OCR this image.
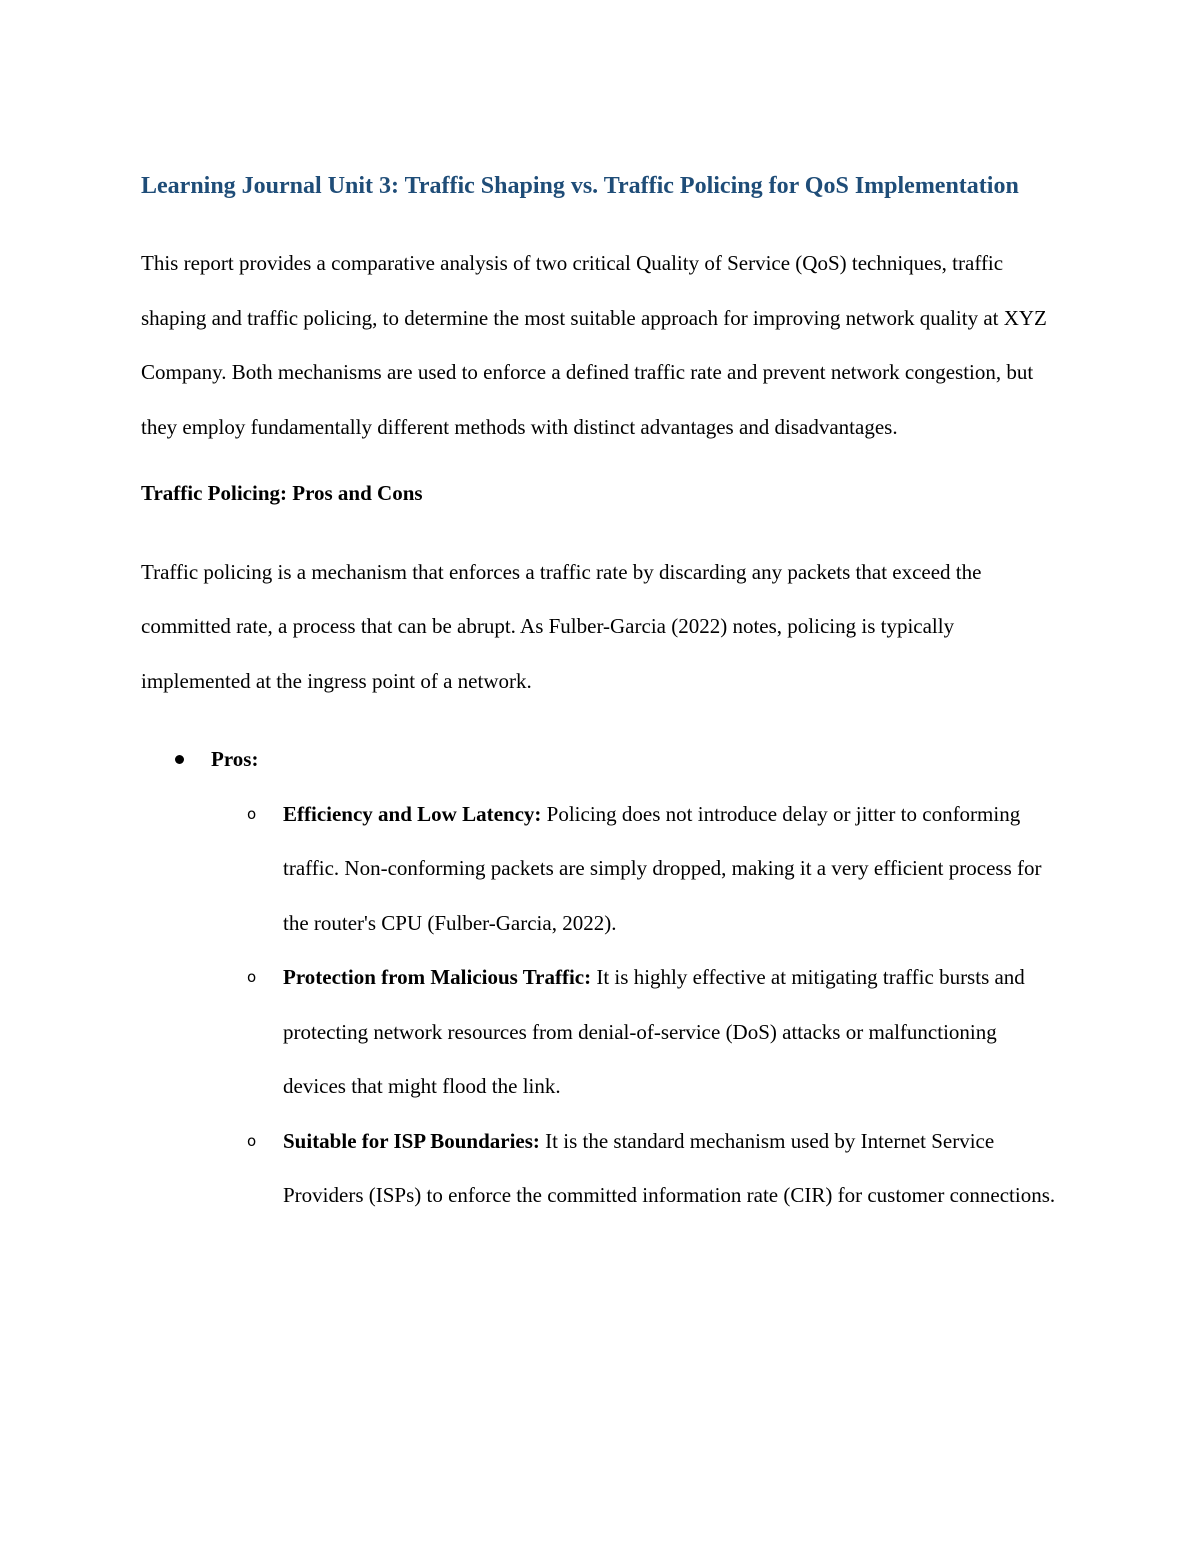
Learning Journal Unit 3: Traffic Shaping vs. Traffic Policing for QoS Implementation

This report provides a comparative analysis of two critical Quality of Service (QoS) techniques, traffic shaping and traffic policing, to determine the most suitable approach for improving network quality at XYZ Company. Both mechanisms are used to enforce a defined traffic rate and prevent network congestion, but they employ fundamentally different methods with distinct advantages and disadvantages.

Traffic Policing: Pros and Cons

Traffic policing is a mechanism that enforces a traffic rate by discarding any packets that exceed the committed rate, a process that can be abrupt. As Fulber-Garcia (2022) notes, policing is typically implemented at the ingress point of a network.

Pros:
o Efficiency and Low Latency: Policing does not introduce delay or jitter to conforming traffic. Non-conforming packets are simply dropped, making it a very efficient process for the router's CPU (Fulber-Garcia, 2022).
o Protection from Malicious Traffic: It is highly effective at mitigating traffic bursts and protecting network resources from denial-of-service (DoS) attacks or malfunctioning devices that might flood the link.
o Suitable for ISP Boundaries: It is the standard mechanism used by Internet Service Providers (ISPs) to enforce the committed information rate (CIR) for customer connections.
